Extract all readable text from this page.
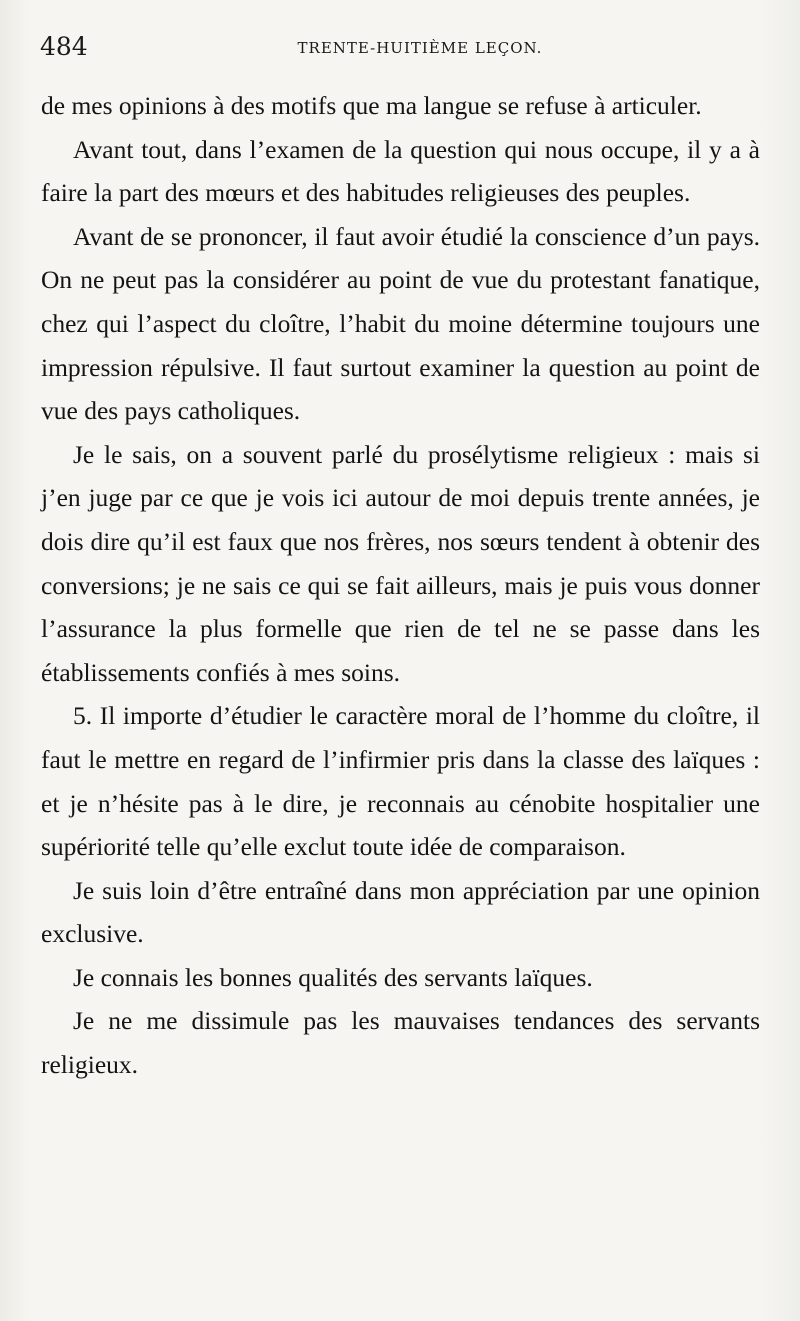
484	TRENTE-HUITIÈME LEÇON.

de mes opinions à des motifs que ma langue se refuse à articuler.

Avant tout, dans l’examen de la question qui nous occupe, il y a à faire la part des mœurs et des habitudes religieuses des peuples.

Avant de se prononcer, il faut avoir étudié la conscience d’un pays. On ne peut pas la considérer au point de vue du protestant fanatique, chez qui l’aspect du cloître, l’habit du moine détermine toujours une impression répulsive. Il faut surtout examiner la question au point de vue des pays catholiques.

Je le sais, on a souvent parlé du prosélytisme religieux : mais si j’en juge par ce que je vois ici autour de moi depuis trente années, je dois dire qu’il est faux que nos frères, nos sœurs tendent à obtenir des conversions; je ne sais ce qui se fait ailleurs, mais je puis vous donner l’assurance la plus formelle que rien de tel ne se passe dans les établissements confiés à mes soins.

5. Il importe d’étudier le caractère moral de l’homme du cloître, il faut le mettre en regard de l’infirmier pris dans la classe des laïques : et je n’hésite pas à le dire, je reconnais au cénobite hospitalier une supériorité telle qu’elle exclut toute idée de comparaison.

Je suis loin d’être entraîné dans mon appréciation par une opinion exclusive.

Je connais les bonnes qualités des servants laïques.

Je ne me dissimule pas les mauvaises tendances des servants religieux.
